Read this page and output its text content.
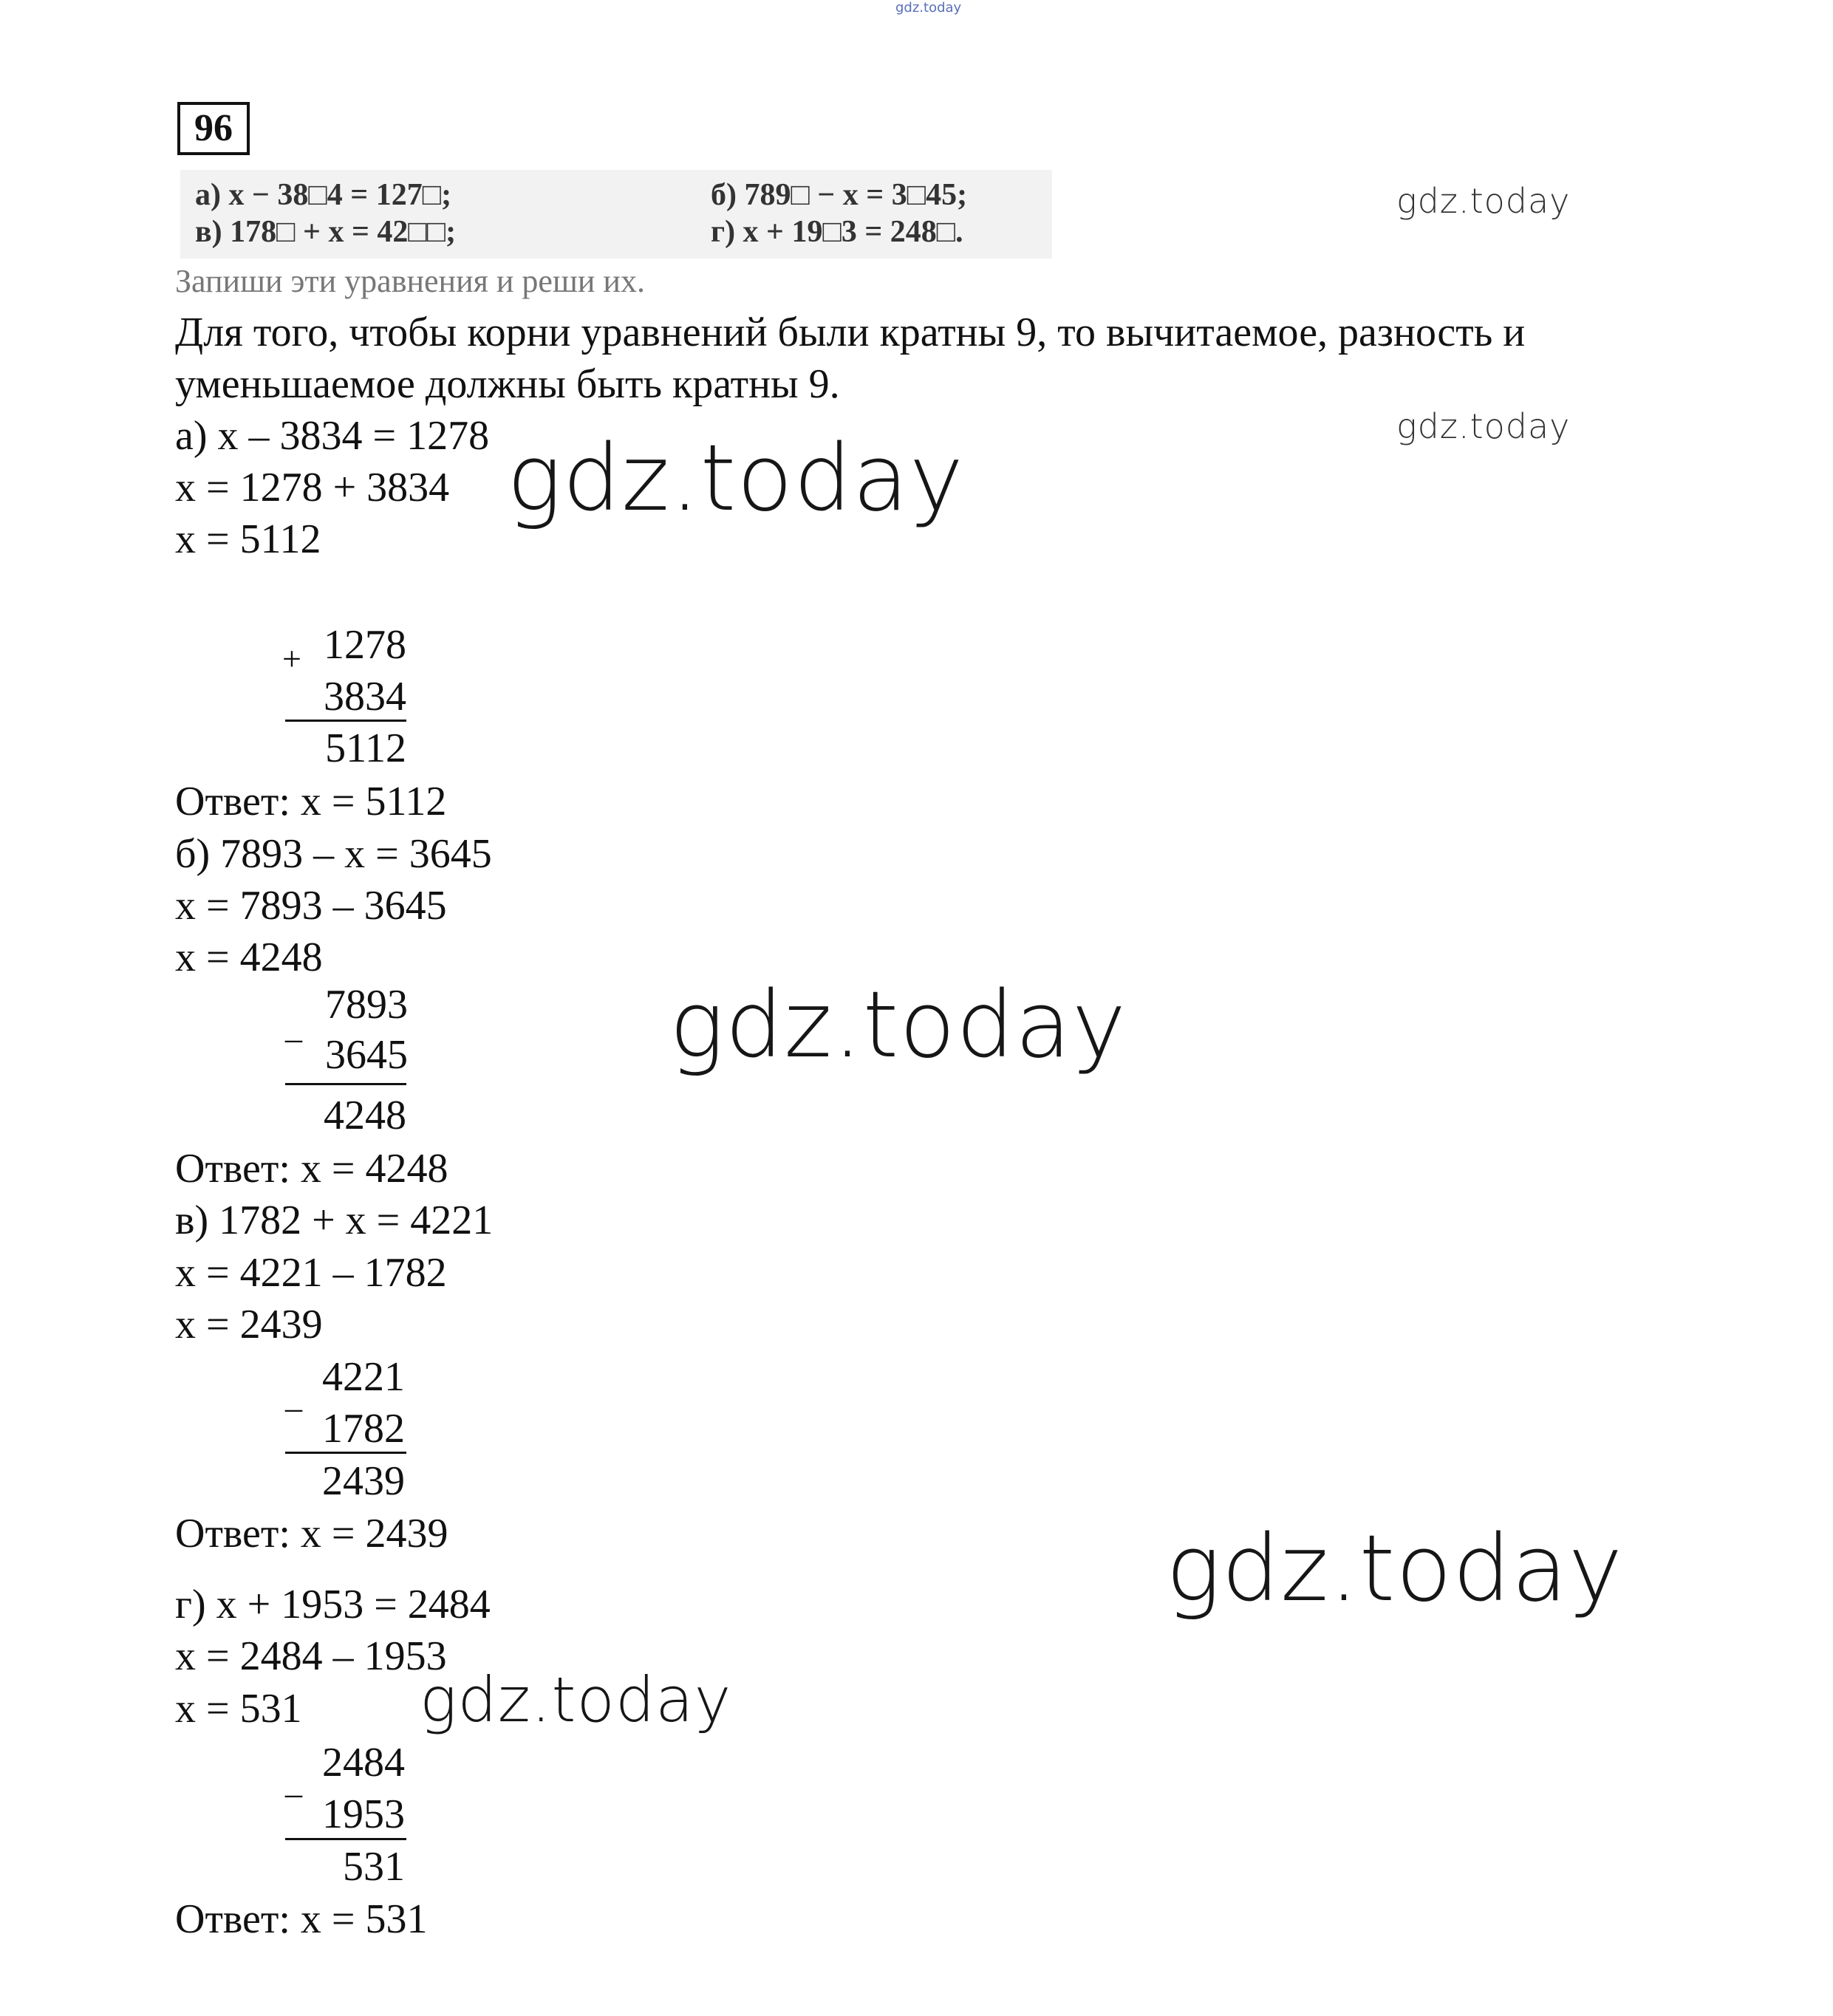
gdz.today
96
а) x − 38□4 = 127□;	б) 789□ − x = 3□45;
в) 178□ + x = 42□□;	г) x + 19□3 = 248□.
gdz.today
Запиши эти уравнения и реши их.
Для того, чтобы корни уравнений были кратны 9, то вычитаемое, разность и
уменьшаемое должны быть кратны 9.
а) x – 3834 = 1278	gdz.today
x = 1278 + 3834 gdz.today
x = 5112
+ 1278
3834
5112
Ответ: x = 5112
б) 7893 – x = 3645
x = 7893 – 3645
x = 4248
_ 7893
3645
4248
gdz.today
Ответ: x = 4248
в) 1782 + x = 4221
x = 4221 – 1782
x = 2439
_ 4221
1782
2439
Ответ: x = 2439	gdz.today
г) x + 1953 = 2484
x = 2484 – 1953
x = 531 gdz.today
_ 2484
1953
531
Ответ: x = 531
